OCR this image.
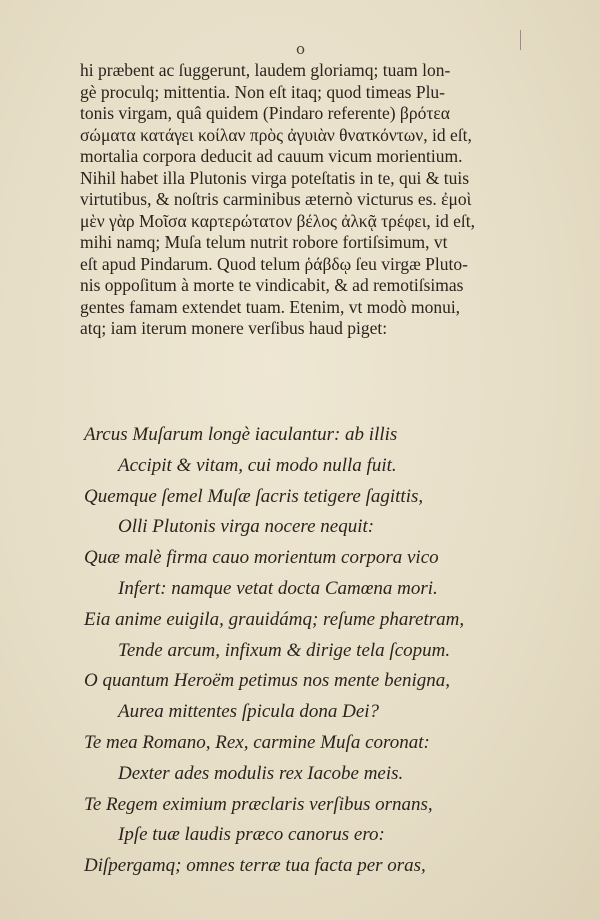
o
hi præbent ac ſuggerunt, laudem gloriamq; tuam lon-
gè proculq; mittentia. Non eſt itaq; quod timeas Plu-
tonis virgam, quâ quidem (Pindaro referente) βρότεα
σώματα κατάγει κοίλαν πρὸς ἀγυιὰν θνατκόντων, id eſt,
mortalia corpora deducit ad cauum vicum morientium.
Nihil habet illa Plutonis virga poteſtatis in te, qui & tuis
virtutibus, & noſtris carminibus æternò victurus es. ἐμοὶ
μὲν γὰρ Μοῖσα καρτερώτατον βέλος ἀλκᾷ τρέφει, id eſt,
mihi namq; Muſa telum nutrit robore fortiſsimum, vt
eſt apud Pindarum. Quod telum ῥάβδῳ ſeu virgæ Pluto-
nis oppoſitum à morte te vindicabit, & ad remotiſsimas
gentes famam extendet tuam. Etenim, vt modò monui,
atq; iam iterum monere verſibus haud piget:
Arcus Muſarum longè iaculantur: ab illis
Accipit & vitam, cui modo nulla fuit.
Quemque ſemel Muſæ ſacris tetigere ſagittis,
Olli Plutonis virga nocere nequit:
Quæ malè firma cauo morientum corpora vico
Infert: namque vetat docta Camœna mori.
Eia anime euigila, grauidámq; reſume pharetram,
Tende arcum, infixum & dirige tela ſcopum.
O quantum Heroëm petimus nos mente benigna,
Aurea mittentes ſpicula dona Dei?
Te mea Romano, Rex, carmine Muſa coronat:
Dexter ades modulis rex Iacobe meis.
Te Regem eximium præclaris verſibus ornans,
Ipſe tuæ laudis præco canorus ero:
Diſpergamq; omnes terræ tua facta per oras,
